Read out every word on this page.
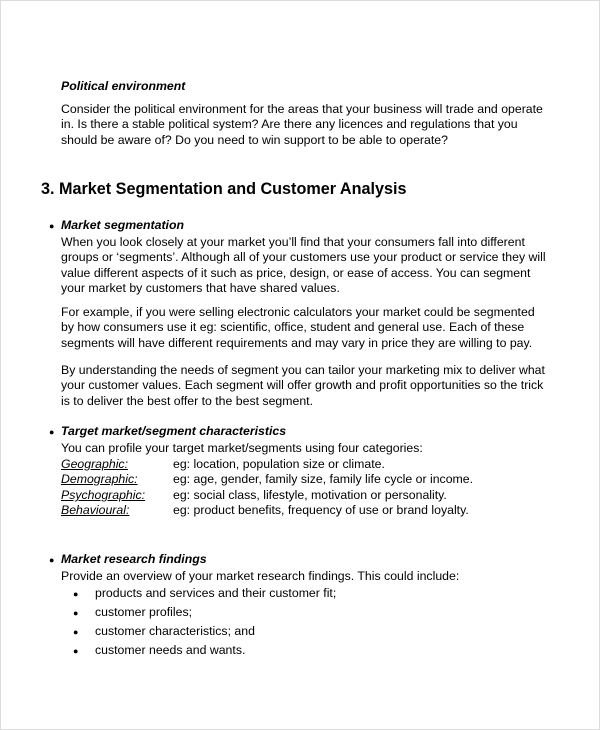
Political environment
Consider the political environment for the areas that your business will trade and operate
in. Is there a stable political system? Are there any licences and regulations that you
should be aware of? Do you need to win support to be able to operate?
3. Market Segmentation and Customer Analysis
● Market segmentation
When you look closely at your market you’ll find that your consumers fall into different
groups or ‘segments’. Although all of your customers use your product or service they will
value different aspects of it such as price, design, or ease of access. You can segment
your market by customers that have shared values.
For example, if you were selling electronic calculators your market could be segmented
by how consumers use it eg: scientific, office, student and general use. Each of these
segments will have different requirements and may vary in price they are willing to pay.
By understanding the needs of segment you can tailor your marketing mix to deliver what
your customer values. Each segment will offer growth and profit opportunities so the trick
is to deliver the best offer to the best segment.
● Target market/segment characteristics
You can profile your target market/segments using four categories:
Geographic:	eg: location, population size or climate.
Demographic:	eg: age, gender, family size, family life cycle or income.
Psychographic: eg: social class, lifestyle, motivation or personality.
Behavioural:	eg: product benefits, frequency of use or brand loyalty.
● Market research findings
Provide an overview of your market research findings. This could include:
● products and services and their customer fit;
● customer profiles;
● customer characteristics; and
● customer needs and wants.
